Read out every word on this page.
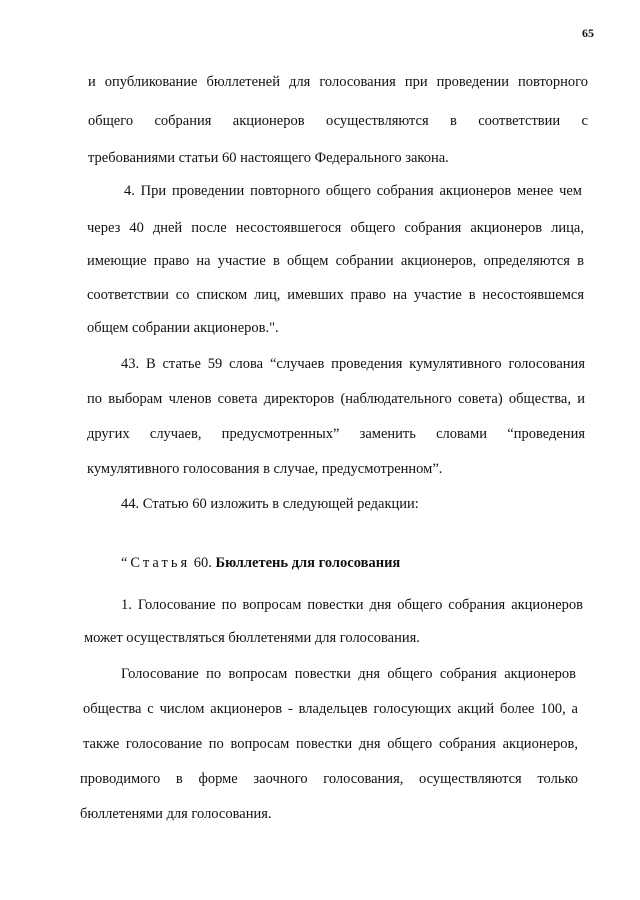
65
и опубликование бюллетеней для голосования при проведении повторного
общего собрания акционеров осуществляются в соответствии с
требованиями статьи 60 настоящего Федерального закона.
4. При проведении повторного общего собрания акционеров менее чем
через 40 дней после несостоявшегося общего собрания акционеров лица,
имеющие право на участие в общем собрании акционеров, определяются в
соответствии со списком лиц, имевших право на участие в несостоявшемся
общем собрании акционеров.".
43. В статье 59 слова “случаев проведения кумулятивного голосования
по выборам членов совета директоров (наблюдательного совета) общества, и
других случаев, предусмотренных” заменить словами “проведения
кумулятивного голосования в случае, предусмотренном”.
44. Статью 60 изложить в следующей редакции:
“Статья 60. Бюллетень для голосования
1. Голосование по вопросам повестки дня общего собрания акционеров
может осуществляться бюллетенями для голосования.
Голосование по вопросам повестки дня общего собрания акционеров
общества с числом акционеров - владельцев голосующих акций более 100, а
также голосование по вопросам повестки дня общего собрания акционеров,
проводимого в форме заочного голосования, осуществляются только
бюллетенями для голосования.
